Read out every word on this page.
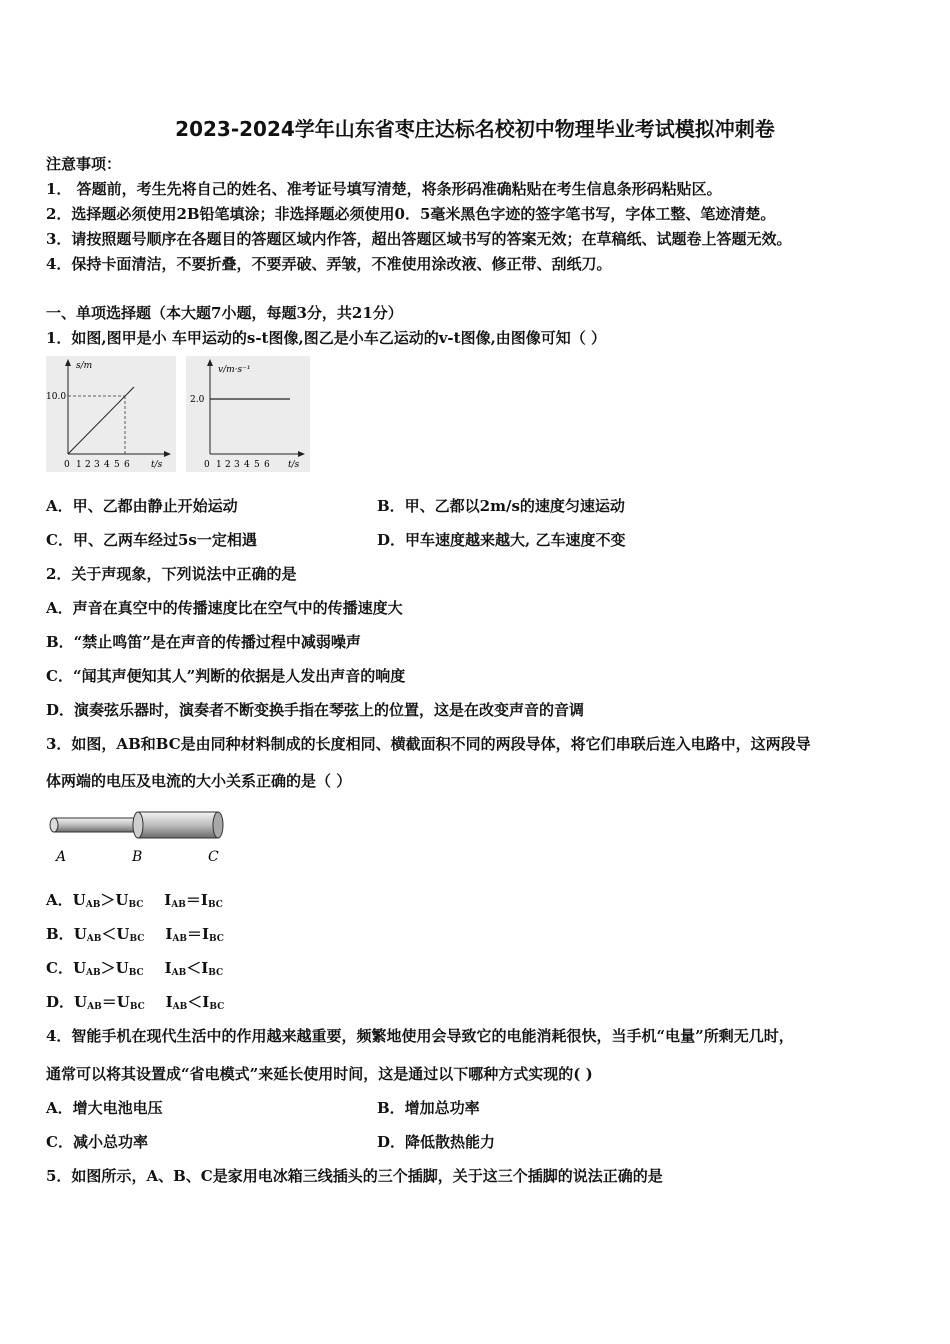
2023-2024学年山东省枣庄达标名校初中物理毕业考试模拟冲刺卷
注意事项：
1． 答题前，考生先将自己的姓名、准考证号填写清楚，将条形码准确粘贴在考生信息条形码粘贴区。
2．选择题必须使用2B铅笔填涂；非选择题必须使用0．5毫米黑色字迹的签字笔书写，字体工整、笔迹清楚。
3．请按照题号顺序在各题目的答题区域内作答，超出答题区域书写的答案无效；在草稿纸、试题卷上答题无效。
4．保持卡面清洁，不要折叠，不要弄破、弄皱，不准使用涂改液、修正带、刮纸刀。
一、单项选择题（本大题7小题，每题3分，共21分）
1．如图,图甲是小 车甲运动的s-t图像,图乙是小车乙运动的v-t图像,由图像可知（ ）
s/m
10.0
0 1 2 3 4 5 6 t/s
v/m·s⁻¹
2.0
0 1 2 3 4 5 6 t/s
A．甲、乙都由静止开始运动	B．甲、乙都以2m/s的速度匀速运动
C．甲、乙两车经过5s一定相遇	D．甲车速度越来越大, 乙车速度不变
2．关于声现象，下列说法中正确的是
A．声音在真空中的传播速度比在空气中的传播速度大
B．“禁止鸣笛”是在声音的传播过程中减弱噪声
C．“闻其声便知其人”判断的依据是人发出声音的响度
D．演奏弦乐器时，演奏者不断变换手指在琴弦上的位置，这是在改变声音的音调
3．如图，AB和BC是由同种材料制成的长度相同、横截面积不同的两段导体，将它们串联后连入电路中，这两段导
体两端的电压及电流的大小关系正确的是（ ）
A	B	C
A．$U_{AB}>U_{BC}$ $I_{AB}=I_{BC}$
B．$U_{AB}<U_{BC}$ $I_{AB}=I_{BC}$
C．$U_{AB}>U_{BC}$ $I_{AB}<I_{BC}$
D．$U_{AB}=U_{BC}$ $I_{AB}<I_{BC}$
4．智能手机在现代生活中的作用越来越重要，频繁地使用会导致它的电能消耗很快，当手机“电量”所剩无几时，
通常可以将其设置成“省电模式”来延长使用时间，这是通过以下哪种方式实现的( )
A．增大电池电压	B．增加总功率
C．减小总功率	D．降低散热能力
5．如图所示，A、B、C是家用电冰箱三线插头的三个插脚，关于这三个插脚的说法正确的是
